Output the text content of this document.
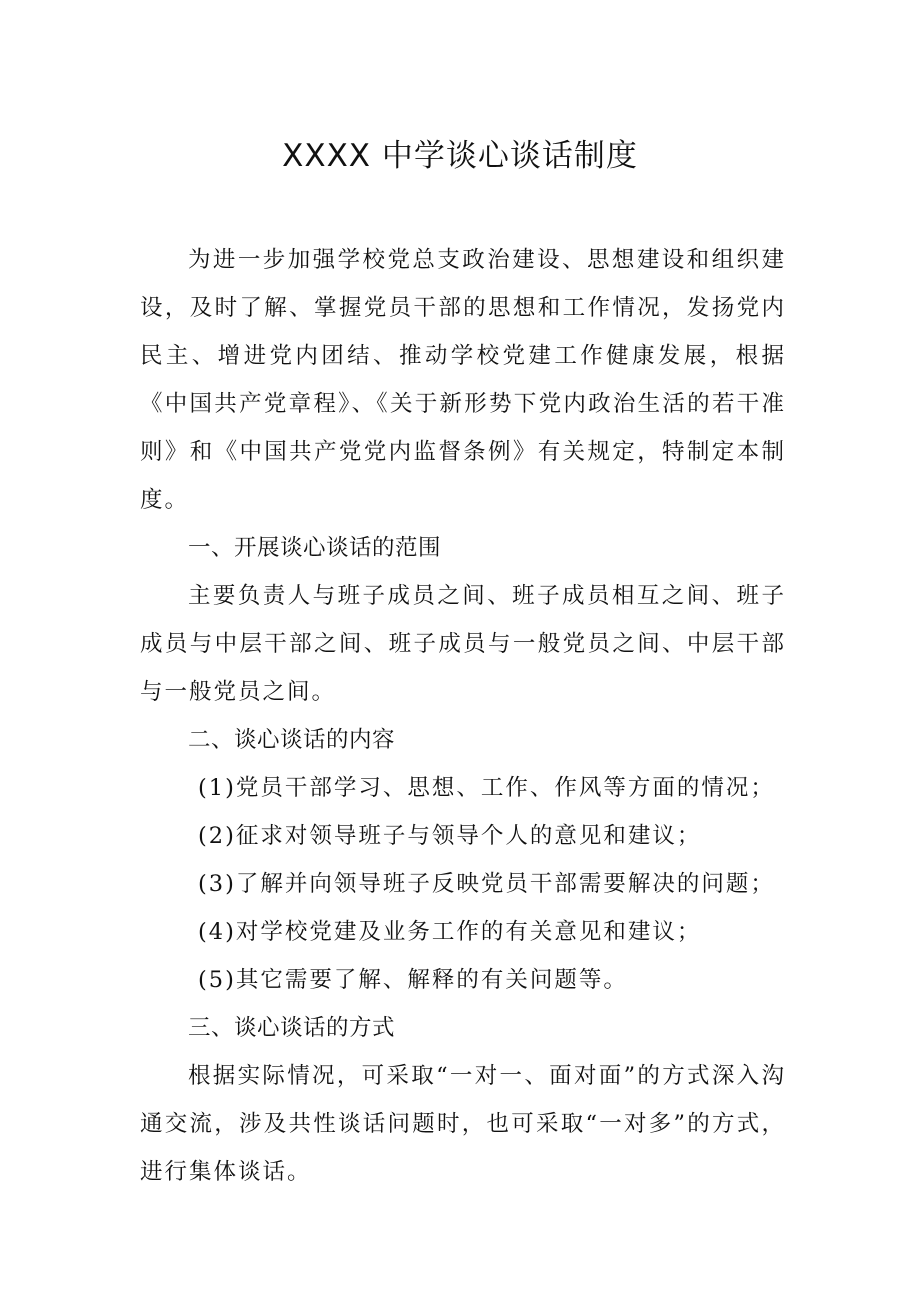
XXXX 中学谈心谈话制度

为进一步加强学校党总支政治建设、思想建设和组织建设，及时了解、掌握党员干部的思想和工作情况，发扬党内民主、增进党内团结、推动学校党建工作健康发展，根据《中国共产党章程》、《关于新形势下党内政治生活的若干准则》和《中国共产党党内监督条例》有关规定，特制定本制度。

一、开展谈心谈话的范围

主要负责人与班子成员之间、班子成员相互之间、班子成员与中层干部之间、班子成员与一般党员之间、中层干部与一般党员之间。

二、谈心谈话的内容
(1)党员干部学习、思想、工作、作风等方面的情况；
(2)征求对领导班子与领导个人的意见和建议；
(3)了解并向领导班子反映党员干部需要解决的问题；
(4)对学校党建及业务工作的有关意见和建议；
(5)其它需要了解、解释的有关问题等。
三、谈心谈话的方式

根据实际情况，可采取“一对一、面对面”的方式深入沟通交流，涉及共性谈话问题时，也可采取“一对多”的方式，进行集体谈话。
